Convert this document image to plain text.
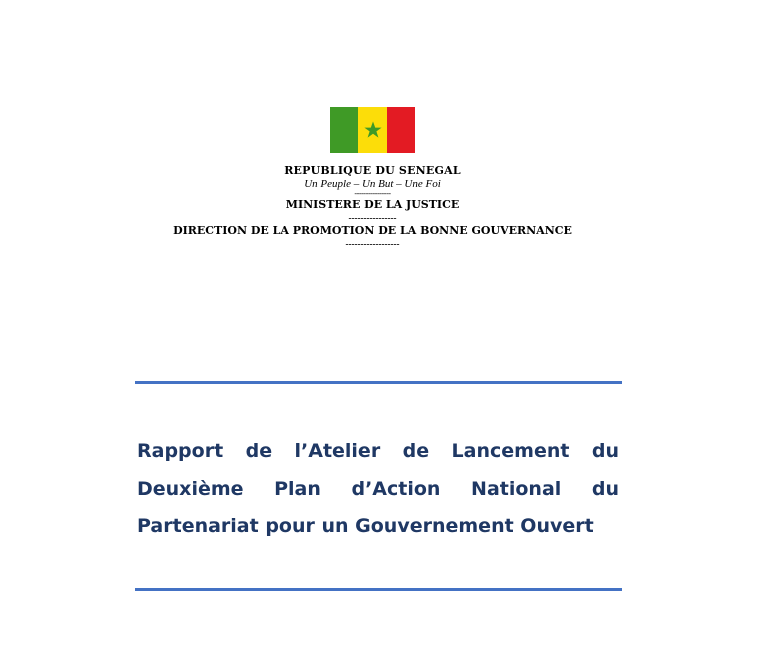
REPUBLIQUE DU SENEGAL
Un Peuple – Un But – Une Foi
----------------
MINISTERE DE LA JUSTICE
----------------
DIRECTION DE LA PROMOTION DE LA BONNE GOUVERNANCE
------------------
Rapport de l’Atelier de Lancement du
Deuxième Plan d’Action National du
Partenariat pour un Gouvernement Ouvert
